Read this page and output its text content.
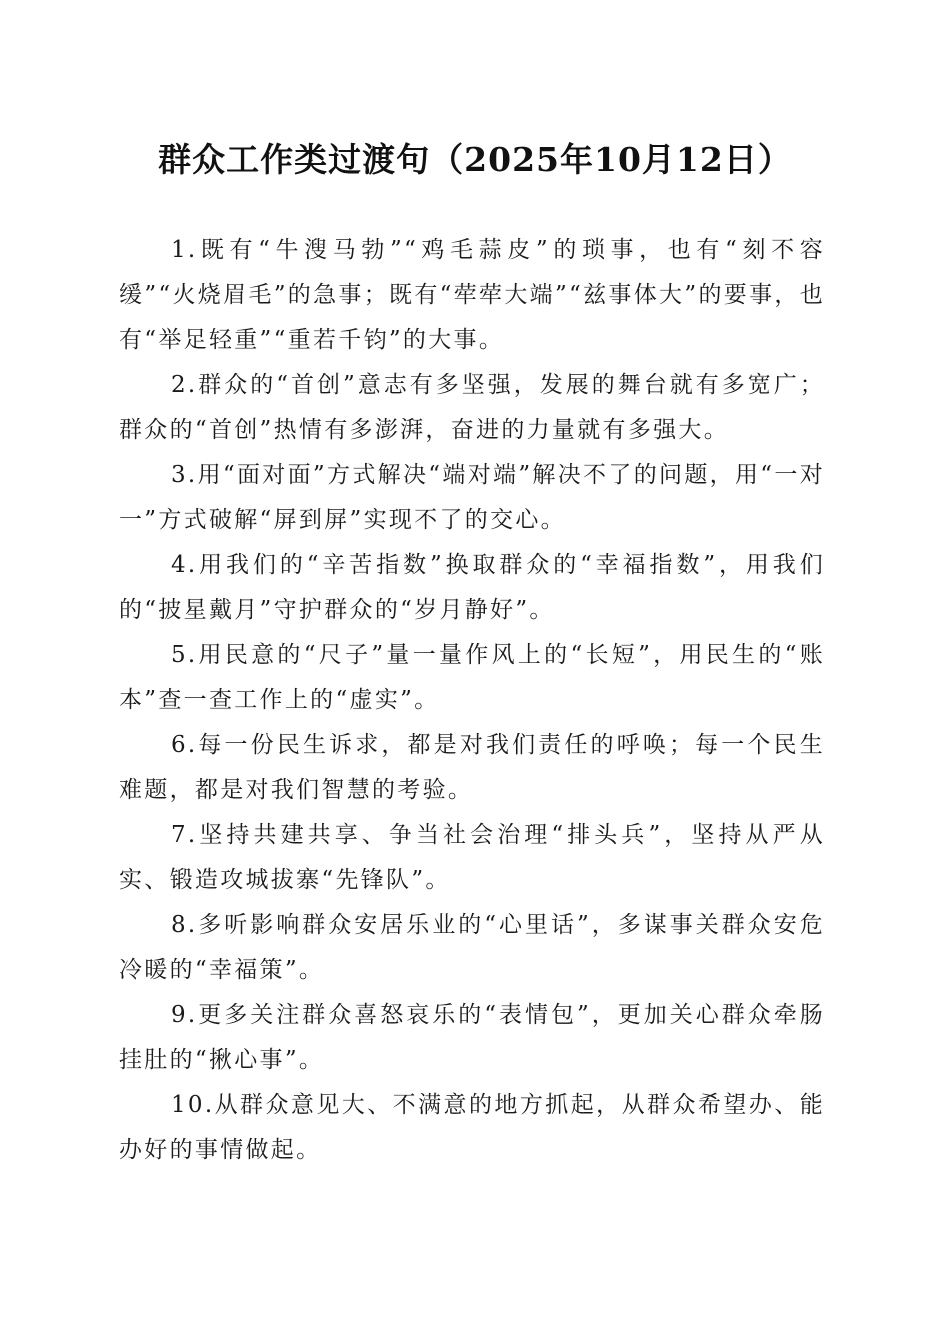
群众工作类过渡句（2025年10月12日）

1.既有“牛溲马勃”“鸡毛蒜皮”的琐事，也有“刻不容缓”“火烧眉毛”的急事；既有“荦荦大端”“兹事体大”的要事，也有“举足轻重”“重若千钧”的大事。

2.群众的“首创”意志有多坚强，发展的舞台就有多宽广；群众的“首创”热情有多澎湃，奋进的力量就有多强大。

3.用“面对面”方式解决“端对端”解决不了的问题，用“一对一”方式破解“屏到屏”实现不了的交心。

4.用我们的“辛苦指数”换取群众的“幸福指数”，用我们的“披星戴月”守护群众的“岁月静好”。

5.用民意的“尺子”量一量作风上的“长短”，用民生的“账本”查一查工作上的“虚实”。

6.每一份民生诉求，都是对我们责任的呼唤；每一个民生难题，都是对我们智慧的考验。

7.坚持共建共享、争当社会治理“排头兵”，坚持从严从实、锻造攻城拔寨“先锋队”。

8.多听影响群众安居乐业的“心里话”，多谋事关群众安危冷暖的“幸福策”。

9.更多关注群众喜怒哀乐的“表情包”，更加关心群众牵肠挂肚的“揪心事”。

10.从群众意见大、不满意的地方抓起，从群众希望办、能办好的事情做起。
